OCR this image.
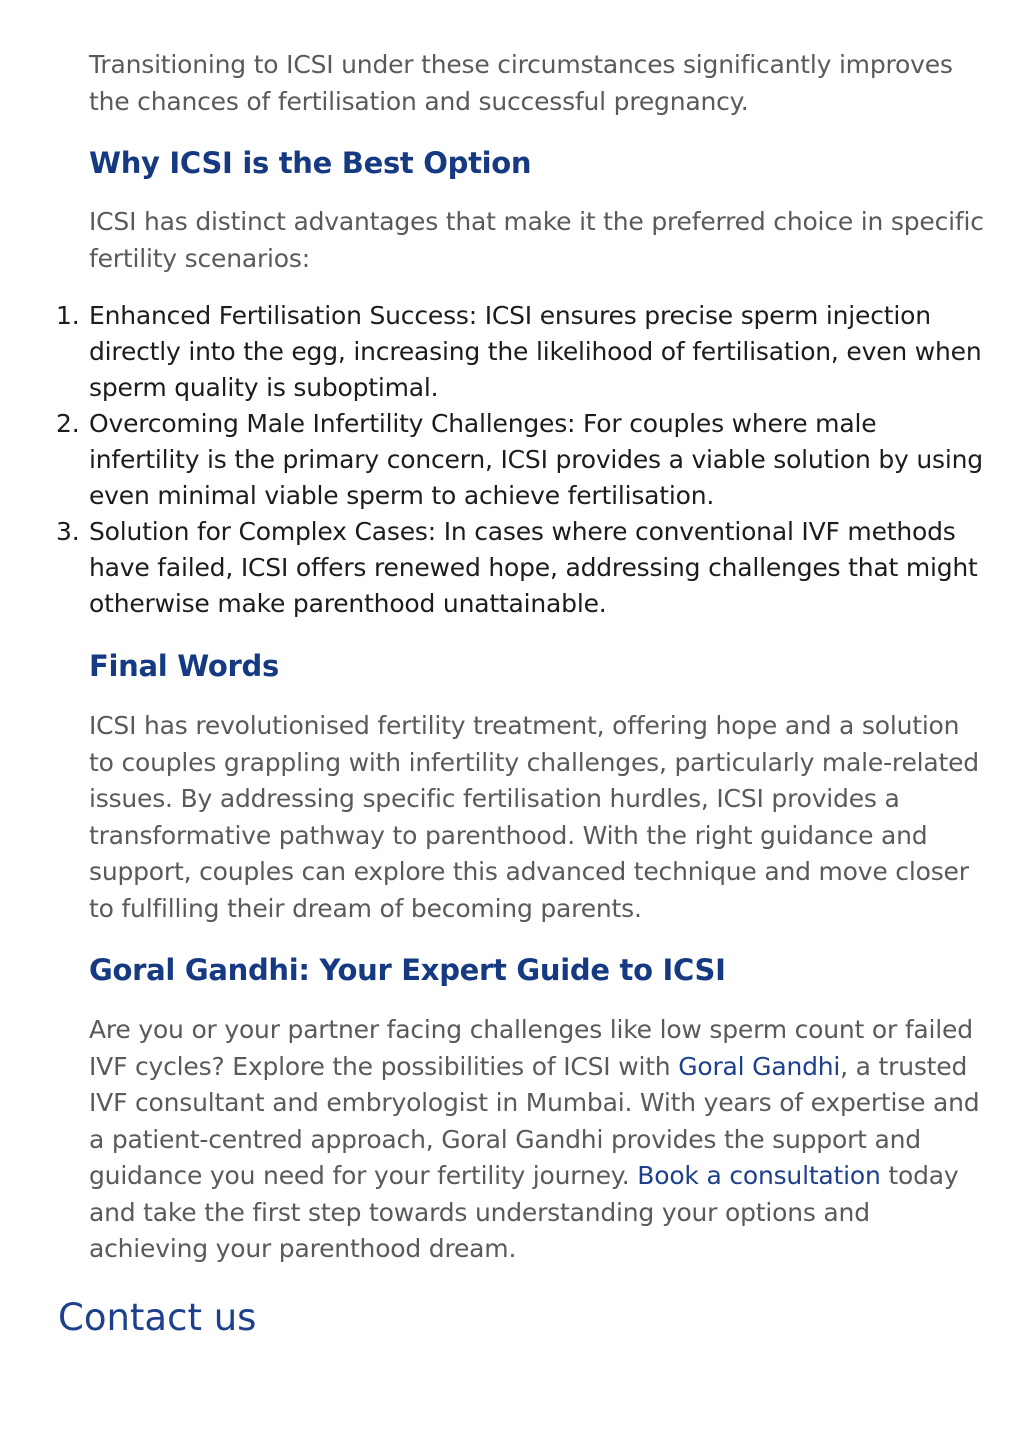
Transitioning to ICSI under these circumstances significantly improves the chances of fertilisation and successful pregnancy.

Why ICSI is the Best Option

ICSI has distinct advantages that make it the preferred choice in specific fertility scenarios:

1. Enhanced Fertilisation Success: ICSI ensures precise sperm injection directly into the egg, increasing the likelihood of fertilisation, even when sperm quality is suboptimal.
2. Overcoming Male Infertility Challenges: For couples where male infertility is the primary concern, ICSI provides a viable solution by using even minimal viable sperm to achieve fertilisation.
3. Solution for Complex Cases: In cases where conventional IVF methods have failed, ICSI offers renewed hope, addressing challenges that might otherwise make parenthood unattainable.
Final Words

ICSI has revolutionised fertility treatment, offering hope and a solution to couples grappling with infertility challenges, particularly male-related issues. By addressing specific fertilisation hurdles, ICSI provides a transformative pathway to parenthood. With the right guidance and support, couples can explore this advanced technique and move closer to fulfilling their dream of becoming parents.

Goral Gandhi: Your Expert Guide to ICSI

Are you or your partner facing challenges like low sperm count or failed IVF cycles? Explore the possibilities of ICSI with Goral Gandhi, a trusted IVF consultant and embryologist in Mumbai. With years of expertise and a patient-centred approach, Goral Gandhi provides the support and guidance you need for your fertility journey. Book a consultation today and take the first step towards understanding your options and achieving your parenthood dream.

Contact us
